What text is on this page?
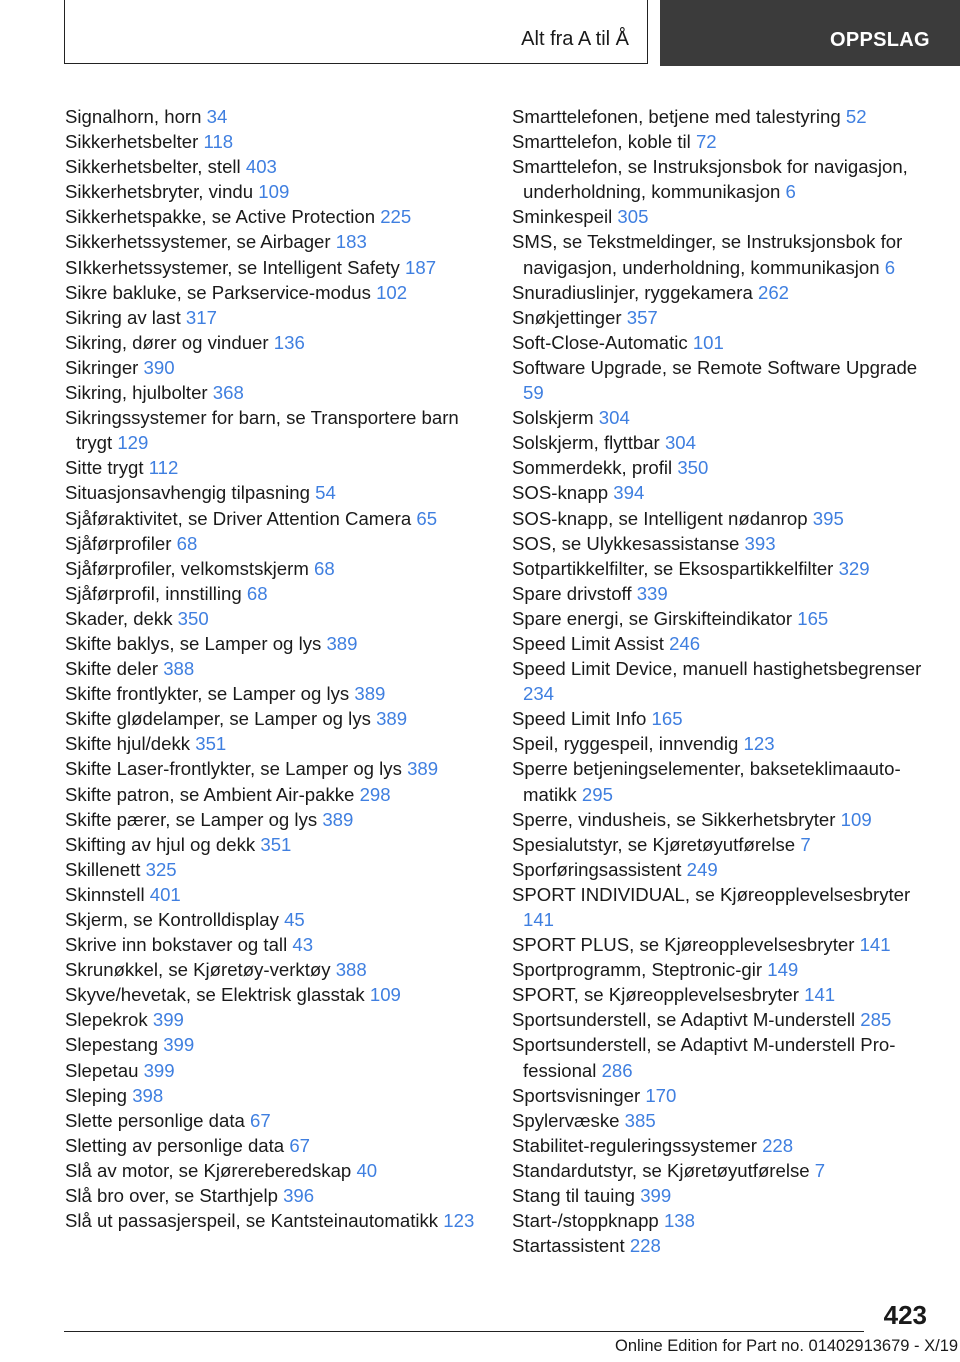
Alt fra A til Å	OPPSLAG
Signalhorn, horn 34
Sikkerhetsbelter 118
Sikkerhetsbelter, stell 403
Sikkerhetsbryter, vindu 109
Sikkerhetspakke, se Active Protection 225
Sikkerhetssystemer, se Airbager 183
SIkkerhetssystemer, se Intelligent Safety 187
Sikre bakluke, se Parkservice-modus 102
Sikring av last 317
Sikring, dører og vinduer 136
Sikringer 390
Sikring, hjulbolter 368
Sikringssystemer for barn, se Transportere barn trygt 129
Sitte trygt 112
Situasjonsavhengig tilpasning 54
Sjåføraktivitet, se Driver Attention Camera 65
Sjåførprofiler 68
Sjåførprofiler, velkomstskjerm 68
Sjåførprofil, innstilling 68
Skader, dekk 350
Skifte baklys, se Lamper og lys 389
Skifte deler 388
Skifte frontlykter, se Lamper og lys 389
Skifte glødelamper, se Lamper og lys 389
Skifte hjul/dekk 351
Skifte Laser-frontlykter, se Lamper og lys 389
Skifte patron, se Ambient Air-pakke 298
Skifte pærer, se Lamper og lys 389
Skifting av hjul og dekk 351
Skillenett 325
Skinnstell 401
Skjerm, se Kontrolldisplay 45
Skrive inn bokstaver og tall 43
Skrunøkkel, se Kjøretøy-verktøy 388
Skyve/hevetak, se Elektrisk glasstak 109
Slepekrok 399
Slepestang 399
Slepetau 399
Sleping 398
Slette personlige data 67
Sletting av personlige data 67
Slå av motor, se Kjørereberedskap 40
Slå bro over, se Starthjelp 396
Slå ut passasjerspeil, se Kantsteinautomatikk 123
Smarttelefonen, betjene med talestyring 52
Smarttelefon, koble til 72
Smarttelefon, se Instruksjonsbok for navigasjon, underholdning, kommunikasjon 6
Sminkespeil 305
SMS, se Tekstmeldinger, se Instruksjonsbok for navigasjon, underholdning, kommunikasjon 6
Snuradiuslinjer, ryggekamera 262
Snøkjettinger 357
Soft-Close-Automatic 101
Software Upgrade, se Remote Software Upgrade 59
Solskjerm 304
Solskjerm, flyttbar 304
Sommerdekk, profil 350
SOS-knapp 394
SOS-knapp, se Intelligent nødanrop 395
SOS, se Ulykkesassistanse 393
Sotpartikkelfilter, se Eksospartikkelfilter 329
Spare drivstoff 339
Spare energi, se Girskifteindikator 165
Speed Limit Assist 246
Speed Limit Device, manuell hastighetsbegrenser 234
Speed Limit Info 165
Speil, ryggespeil, innvendig 123
Sperre betjeningselementer, bakseteklimaautomatikk 295
Sperre, vindusheis, se Sikkerhetsbryter 109
Spesialutstyr, se Kjøretøyutførelse 7
Sporføringsassistent 249
SPORT INDIVIDUAL, se Kjøreopplevelsesbryter 141
SPORT PLUS, se Kjøreopplevelsesbryter 141
Sportprogramm, Steptronic-gir 149
SPORT, se Kjøreopplevelsesbryter 141
Sportsunderstell, se Adaptivt M-understell 285
Sportsunderstell, se Adaptivt M-understell Professional 286
Sportsvisninger 170
Spylervæske 385
Stabilitet-reguleringssystemer 228
Standardutstyr, se Kjøretøyutførelse 7
Stang til tauing 399
Start-/stoppknapp 138
Startassistent 228
423
Online Edition for Part no. 01402913679 - X/19
